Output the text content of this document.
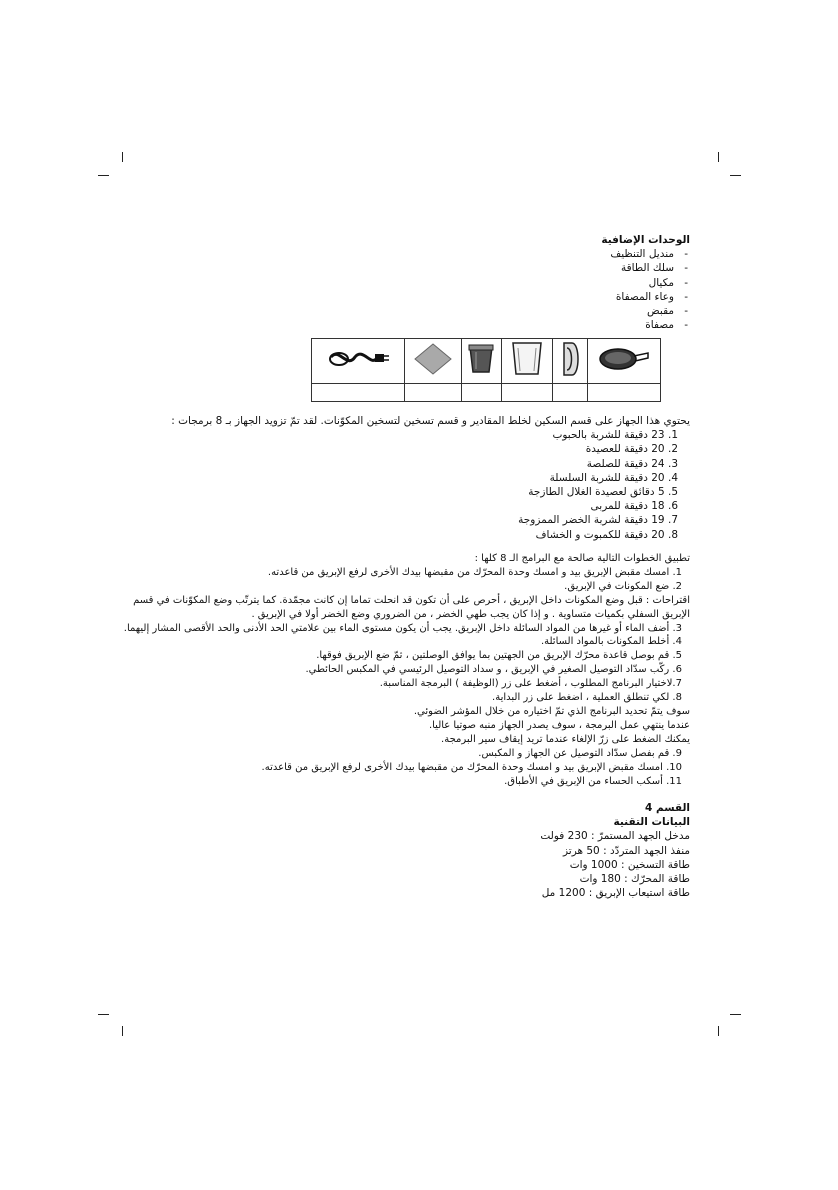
الوحدات الإضافية
- منديل التنظيف
- سلك الطاقة
- مكيال
- وعاء المصفاة
- مقبض
- مصفاة

يحتوي هذا الجهاز على قسم السكين لخلط المقادير و قسم تسخين لتسخين المكوّنات. لقد تمّ تزويد الجهاز بـ 8 برمجات :
1. 23 دقيقة للشربة بالحبوب
2. 20 دقيقة للعصيدة
3. 24 دقيقة للصلصة
4. 20 دقيقة للشربة السلسلة
5. 5 دقائق لعصيدة الغلال الطازجة
6. 18 دقيقة للمربى
7. 19 دقيقة لشربة الخضر الممزوجة
8. 20 دقيقة للكمبوت و الخشاف
تطبيق الخطوات التالية صالحة مع البرامج الـ 8 كلها :
1. امسك مقبض الإبريق بيد و امسك وحدة المحرّك من مقبضها بيدك الأخرى لرفع الإبريق من قاعدته.
2. ضع المكونات في الإبريق.
اقتراحات : قبل وضع المكونات داخل الإبريق ، أحرص على أن تكون قد انحلت تماما إن كانت مجمّدة. كما يترتّب وضع المكوّنات في قسم
الإبريق السفلي بكميات متساوية . و إذا كان يجب طهي الخضر ، من الضروري وضع الخضر أولا في الإبريق .
3. أضف الماء أو غيرها من المواد السائلة داخل الإبريق. يجب أن يكون مستوى الماء بين علامتي الحد الأدنى والحد الأقصى المشار إليهما.
4. أخلط المكونات بالمواد السائلة.
5. قم بوصل قاعدة محرّك الإبريق من الجهتين بما يوافق الوصلتين ، ثمّ ضع الإبريق فوقها.
6. ركّب سدّاد التوصيل الصغير في الإبريق ، و سداد التوصيل الرئيسي في المكبس الحائطي.
7.لاختيار البرنامج المطلوب ، أضغط على زر (الوظيفة ) البرمجة المناسبة.
8. لكي تنطلق العملية ، اضغط على زر البداية.
سوف يتمّ تحديد البرنامج الذي تمّ اختياره من خلال المؤشر الضوئي.
عندما ينتهي عمل البرمجة ، سوف يصدر الجهاز منبه صوتيا عاليا.
يمكنك الضغط على زرّ الإلغاء عندما تريد إيقاف سير البرمجة.
9. قم بفصل سدّاد التوصيل عن الجهاز و المكبس.
10. امسك مقبض الإبريق بيد و امسك وحدة المحرّك من مقبضها بيدك الأخرى لرفع الإبريق من قاعدته.
11. أسكب الحساء من الإبريق في الأطباق.
القسم 4
البيانات التقنية
مدخل الجهد المستمرّ : 230 فولت
منفذ الجهد المتردّد : 50 هرتز
طاقة التسخين : 1000 وات
طاقة المحرّك : 180 وات
طاقة استيعاب الإبريق : 1200 مل
